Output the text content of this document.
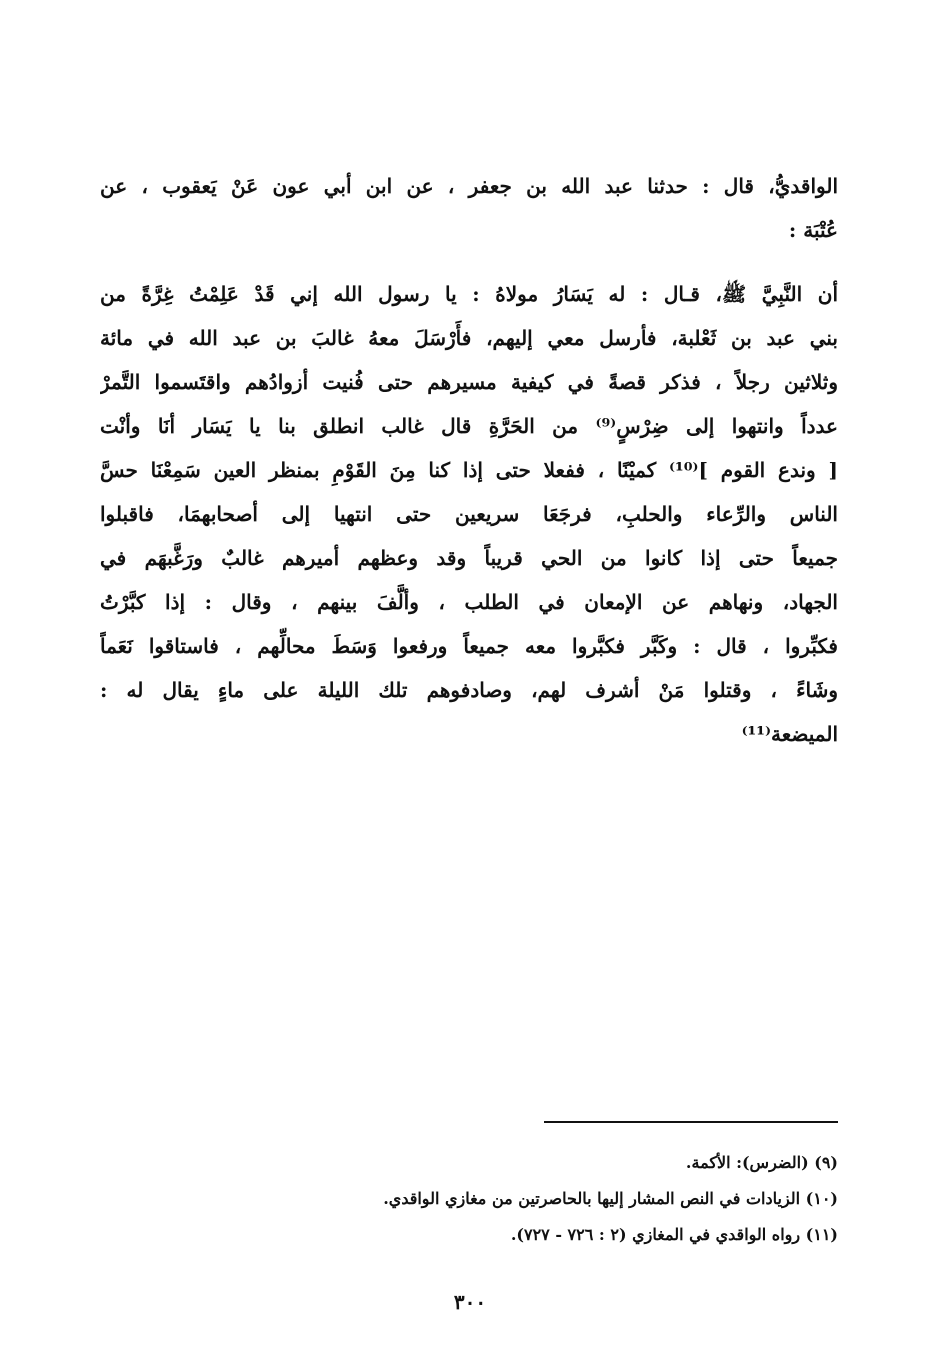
الواقديُّ، قال : حدثنا عبد الله بن جعفر ، عن ابن أبي عون عَنْ يَعقوب ، عن
عُتْبَة :
أن النَّبِيَّ ﷺ، قـال : له يَسَارُ مولاهُ : يا رسول الله إني قَدْ عَلِمْتُ غِرَّةً من
بني عبد بن ثَعْلبة، فأرسل معي إليهم، فأَرْسَلَ معهُ غالبَ بن عبد الله في مائة
وثلاثين رجلاً ، فذكر قصةً في كيفية مسيرهم حتى فُنيت أزوادُهم واقتَسموا التَّمرْ
عدداً وانتهوا إلى ضِرْسٍ⁽⁹⁾ من الحَرَّةِ قال غالب انطلق بنا يا يَسَار أنَا وأنْت
[ وندع القوم ]⁽¹⁰⁾ كميْنًا ، ففعلا حتى إذا كنا مِنَ القَوْمِ بمنظر العين سَمِعْنَا حسَّ
الناس والرِّعاء والحلبِ، فرجَعَا سريعين حتى انتهيا إلى أصحابهمَا، فاقبلوا
جميعاً حتى إذا كانوا من الحي قريباً وقد وعظهم أميرهم غالبٌ ورَغَّبهَم في
الجهاد، ونهاهم عن الإمعان في الطلب ، وألَّفَ بينهم ، وقال : إذا كبَّرْتُ
فكبِّروا ، قال : وكَبَّر فكبَّروا معه جميعاً ورفعوا وَسَطَ محالِّهم ، فاستاقوا نَعَماً
وشَاءً ، وقتلوا مَنْ أشرف لهم، وصادفوهم تلك الليلة على ماءٍ يقال له :
الميضعة⁽¹¹⁾
(٩) (الضرس): الأكمة.
(١٠) الزيادات في النص المشار إليها بالحاصرتين من مغازي الواقدي.
(١١) رواه الواقدي في المغازي (٢ : ٧٢٦ - ٧٢٧).
٣٠٠
